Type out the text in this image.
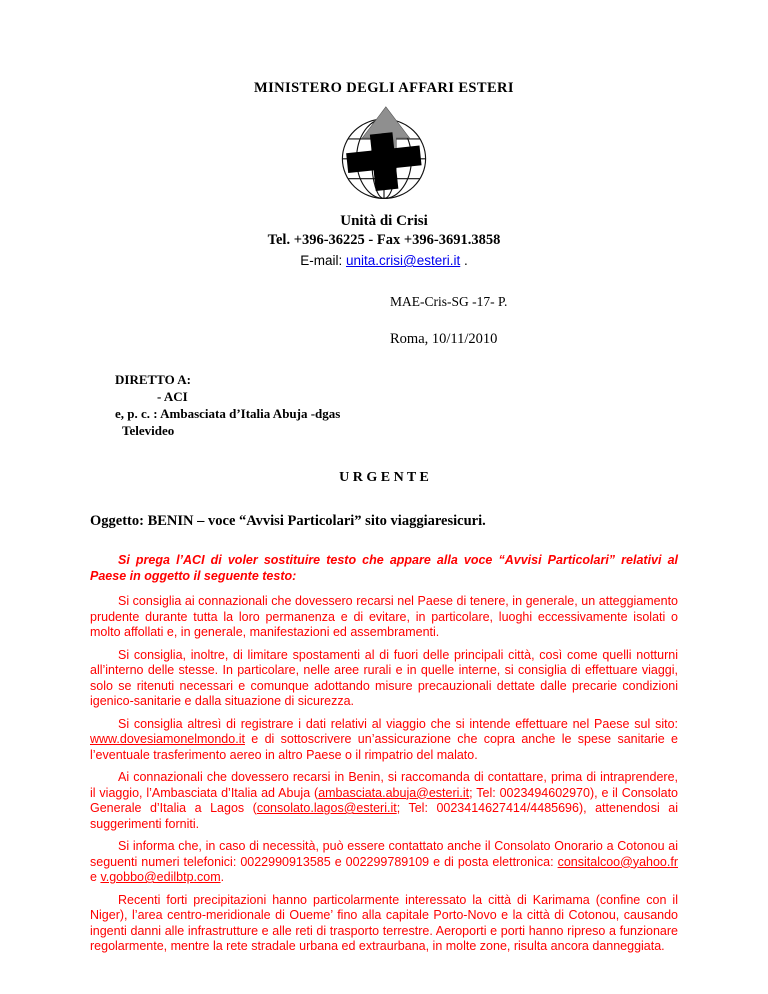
MINISTERO DEGLI AFFARI ESTERI
Unità di Crisi
Tel. +396-36225 - Fax +396-3691.3858
E-mail: unita.crisi@esteri.it .
MAE-Cris-SG -17- P.
Roma, 10/11/2010
DIRETTO A:
- ACI
e, p. c. : Ambasciata d’Italia Abuja -dgas
Televideo
U R G E N T E
Oggetto: BENIN – voce “Avvisi Particolari” sito viaggiaresicuri.

Si prega l’ACI di voler sostituire testo che appare alla voce “Avvisi Particolari” relativi al Paese in oggetto il seguente testo:

Si consiglia ai connazionali che dovessero recarsi nel Paese di tenere, in generale, un atteggiamento prudente durante tutta la loro permanenza e di evitare, in particolare, luoghi eccessivamente isolati o molto affollati e, in generale, manifestazioni ed assembramenti.

Si consiglia, inoltre, di limitare spostamenti al di fuori delle principali città, così come quelli notturni all’interno delle stesse. In particolare, nelle aree rurali e in quelle interne, si consiglia di effettuare viaggi, solo se ritenuti necessari e comunque adottando misure precauzionali dettate dalle precarie condizioni igenico-sanitarie e dalla situazione di sicurezza.

Si consiglia altresì di registrare i dati relativi al viaggio che si intende effettuare nel Paese sul sito: www.dovesiamonelmondo.it e di sottoscrivere un’assicurazione che copra anche le spese sanitarie e l’eventuale trasferimento aereo in altro Paese o il rimpatrio del malato.

Ai connazionali che dovessero recarsi in Benin, si raccomanda di contattare, prima di intraprendere, il viaggio, l’Ambasciata d’Italia ad Abuja (ambasciata.abuja@esteri.it; Tel: 0023494602970), e il Consolato Generale d’Italia a Lagos (consolato.lagos@esteri.it; Tel: 0023414627414/4485696), attenendosi ai suggerimenti forniti.

Si informa che, in caso di necessità, può essere contattato anche il Consolato Onorario a Cotonou ai seguenti numeri telefonici: 0022990913585 e 002299789109 e di posta elettronica: consitalcoo@yahoo.fr e v.gobbo@edilbtp.com.

Recenti forti precipitazioni hanno particolarmente interessato la città di Karimama (confine con il Niger), l’area centro-meridionale di Oueme’ fino alla capitale Porto-Novo e la città di Cotonou, causando ingenti danni alle infrastrutture e alle reti di trasporto terrestre. Aeroporti e porti hanno ripreso a funzionare regolarmente, mentre la rete stradale urbana ed extraurbana, in molte zone, risulta ancora danneggiata.
